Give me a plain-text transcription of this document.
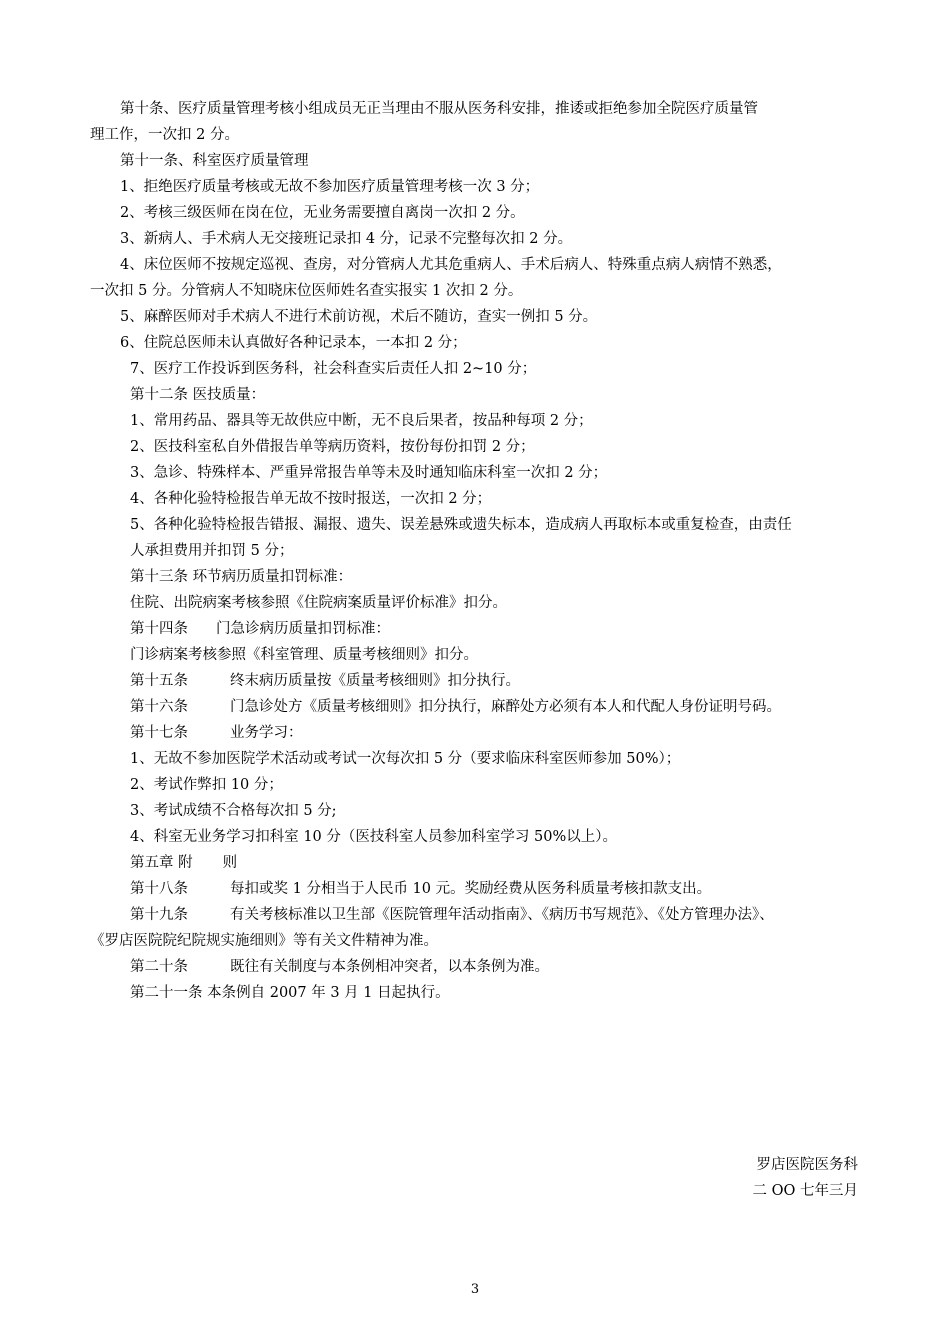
第十条、医疗质量管理考核小组成员无正当理由不服从医务科安排，推诿或拒绝参加全院医疗质量管
理工作，一次扣 2 分。
第十一条、科室医疗质量管理
1、拒绝医疗质量考核或无故不参加医疗质量管理考核一次 3 分；
2、考核三级医师在岗在位，无业务需要擅自离岗一次扣 2 分。
3、新病人、手术病人无交接班记录扣 4 分，记录不完整每次扣 2 分。
4、床位医师不按规定巡视、查房，对分管病人尤其危重病人、手术后病人、特殊重点病人病情不熟悉，
一次扣 5 分。分管病人不知晓床位医师姓名查实报实 1 次扣 2 分。
5、麻醉医师对手术病人不进行术前访视，术后不随访，查实一例扣 5 分。
6、住院总医师未认真做好各种记录本，一本扣 2 分；
7、医疗工作投诉到医务科，社会科查实后责任人扣 2~10 分；
第十二条 医技质量：
1、常用药品、器具等无故供应中断，无不良后果者，按品种每项 2 分；
2、医技科室私自外借报告单等病历资料，按份每份扣罚 2 分；
3、急诊、特殊样本、严重异常报告单等未及时通知临床科室一次扣 2 分；
4、各种化验特检报告单无故不按时报送，一次扣 2 分；
5、各种化验特检报告错报、漏报、遗失、误差悬殊或遗失标本，造成病人再取标本或重复检查，由责任
人承担费用并扣罚 5 分；
第十三条 环节病历质量扣罚标准：
住院、出院病案考核参照《住院病案质量评价标准》扣分。
第十四条 门急诊病历质量扣罚标准：
门诊病案考核参照《科室管理、质量考核细则》扣分。
第十五条	终末病历质量按《质量考核细则》扣分执行。
第十六条	门急诊处方《质量考核细则》扣分执行，麻醉处方必须有本人和代配人身份证明号码。
第十七条	业务学习：
1、无故不参加医院学术活动或考试一次每次扣 5 分（要求临床科室医师参加 50%）；
2、考试作弊扣 10 分；
3、考试成绩不合格每次扣 5 分;
4、科室无业务学习扣科室 10 分（医技科室人员参加科室学习 50%以上）。
第五章 附 则
第十八条	每扣或奖 1 分相当于人民币 10 元。奖励经费从医务科质量考核扣款支出。
第十九条	有关考核标准以卫生部《医院管理年活动指南》、《病历书写规范》、《处方管理办法》、
《罗店医院院纪院规实施细则》等有关文件精神为准。
第二十条	既往有关制度与本条例相冲突者，以本条例为准。
第二十一条 本条例自 2007 年 3 月 1 日起执行。
罗店医院医务科
二 OO 七年三月
3
